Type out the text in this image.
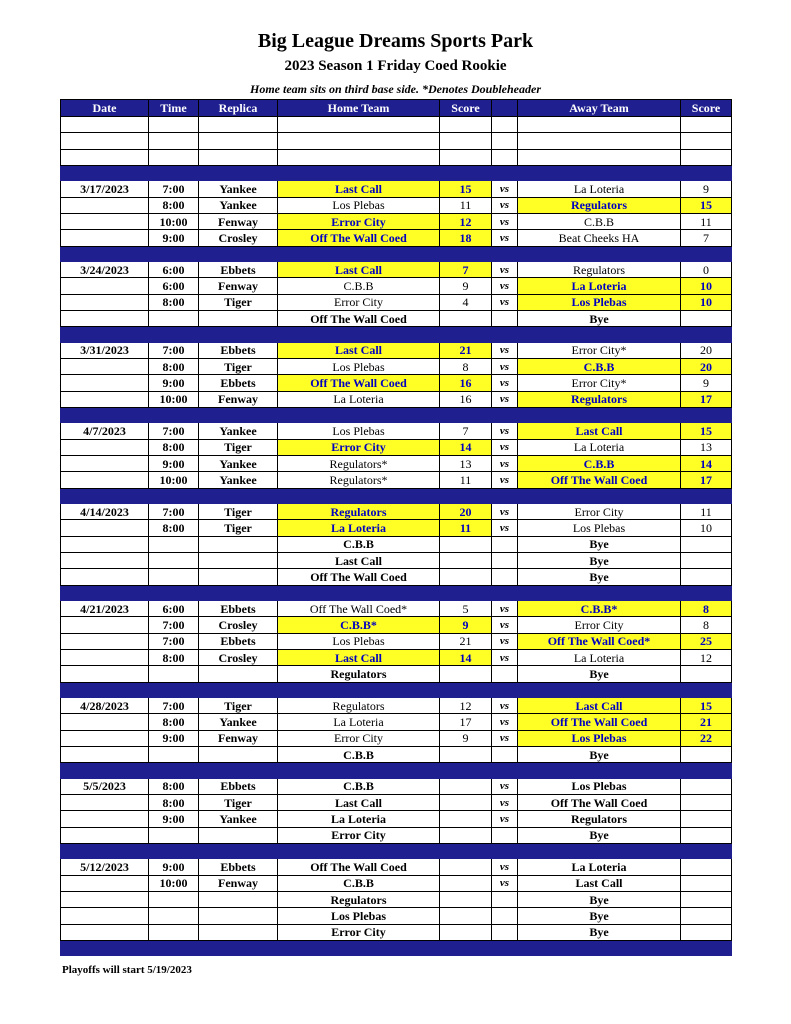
Big League Dreams Sports Park
2023 Season 1 Friday Coed Rookie
Home team sits on third base side. *Denotes Doubleheader
Date	Time	Replica	Home Team	Score		Away Team	Score

3/17/2023	7:00	Yankee	Last Call	15	vs	La Loteria	9
	8:00	Yankee	Los Plebas	11	vs	Regulators	15
	10:00	Fenway	Error City	12	vs	C.B.B	11
	9:00	Crosley	Off The Wall Coed	18	vs	Beat Cheeks HA	7

3/24/2023	6:00	Ebbets	Last Call	7	vs	Regulators	0
	6:00	Fenway	C.B.B	9	vs	La Loteria	10
	8:00	Tiger	Error City	4	vs	Los Plebas	10
			Off The Wall Coed			Bye	

3/31/2023	7:00	Ebbets	Last Call	21	vs	Error City*	20
	8:00	Tiger	Los Plebas	8	vs	C.B.B	20
	9:00	Ebbets	Off The Wall Coed	16	vs	Error City*	9
	10:00	Fenway	La Loteria	16	vs	Regulators	17

4/7/2023	7:00	Yankee	Los Plebas	7	vs	Last Call	15
	8:00	Tiger	Error City	14	vs	La Loteria	13
	9:00	Yankee	Regulators*	13	vs	C.B.B	14
	10:00	Yankee	Regulators*	11	vs	Off The Wall Coed	17

4/14/2023	7:00	Tiger	Regulators	20	vs	Error City	11
	8:00	Tiger	La Loteria	11	vs	Los Plebas	10
			C.B.B			Bye	
			Last Call			Bye	
			Off The Wall Coed			Bye	

4/21/2023	6:00	Ebbets	Off The Wall Coed*	5	vs	C.B.B*	8
	7:00	Crosley	C.B.B*	9	vs	Error City	8
	7:00	Ebbets	Los Plebas	21	vs	Off The Wall Coed*	25
	8:00	Crosley	Last Call	14	vs	La Loteria	12
			Regulators			Bye	

4/28/2023	7:00	Tiger	Regulators	12	vs	Last Call	15
	8:00	Yankee	La Loteria	17	vs	Off The Wall Coed	21
	9:00	Fenway	Error City	9	vs	Los Plebas	22
			C.B.B			Bye	

5/5/2023	8:00	Ebbets	C.B.B		vs	Los Plebas	
	8:00	Tiger	Last Call		vs	Off The Wall Coed	
	9:00	Yankee	La Loteria		vs	Regulators	
			Error City			Bye	

5/12/2023	9:00	Ebbets	Off The Wall Coed		vs	La Loteria	
	10:00	Fenway	C.B.B		vs	Last Call	
			Regulators			Bye	
			Los Plebas			Bye	
			Error City			Bye	

Playoffs will start 5/19/2023
